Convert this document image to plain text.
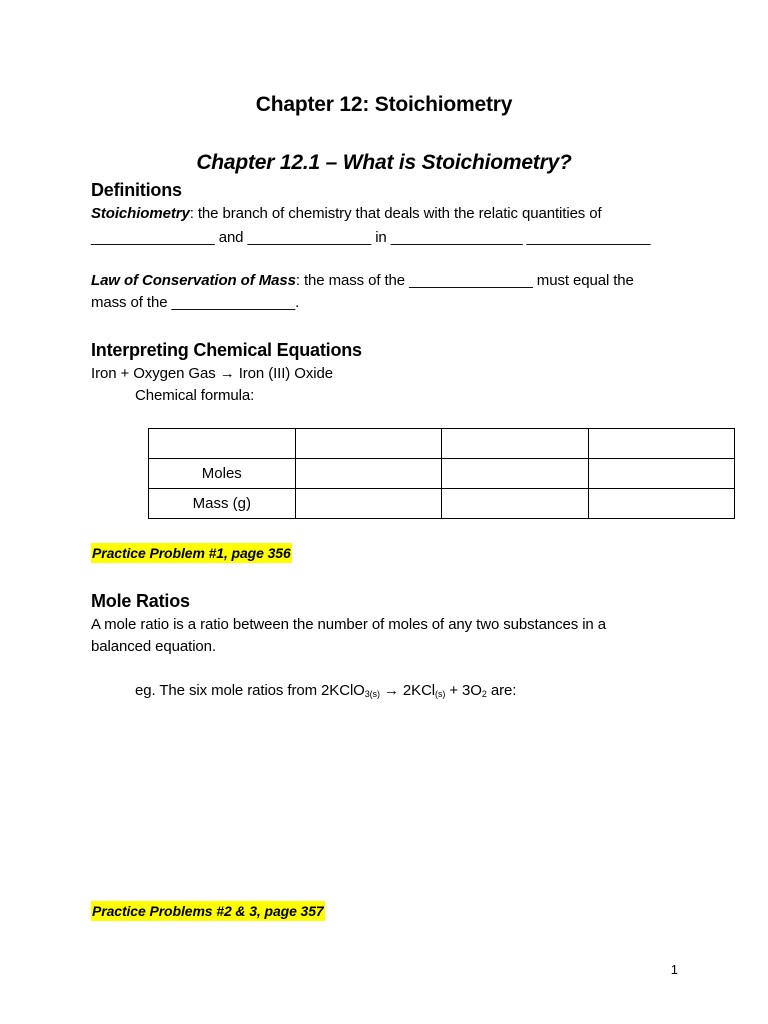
Chapter 12: Stoichiometry
Chapter 12.1 – What is Stoichiometry?
Definitions
Stoichiometry: the branch of chemistry that deals with the relatic quantities of
_______________ and _______________ in ________________ _______________
Law of Conservation of Mass: the mass of the _______________ must equal the
mass of the _______________.
Interpreting Chemical Equations
Iron + Oxygen Gas → Iron (III) Oxide
Chemical formula:

Moles			
Mass (g)			
Practice Problem #1, page 356
Mole Ratios
A mole ratio is a ratio between the number of moles of any two substances in a
balanced equation.
eg. The six mole ratios from 2KClO$_{3(s)}$ → $2KCl_{(s)} + 3O_2$ are:
Practice Problems #2 & 3, page 357
1
